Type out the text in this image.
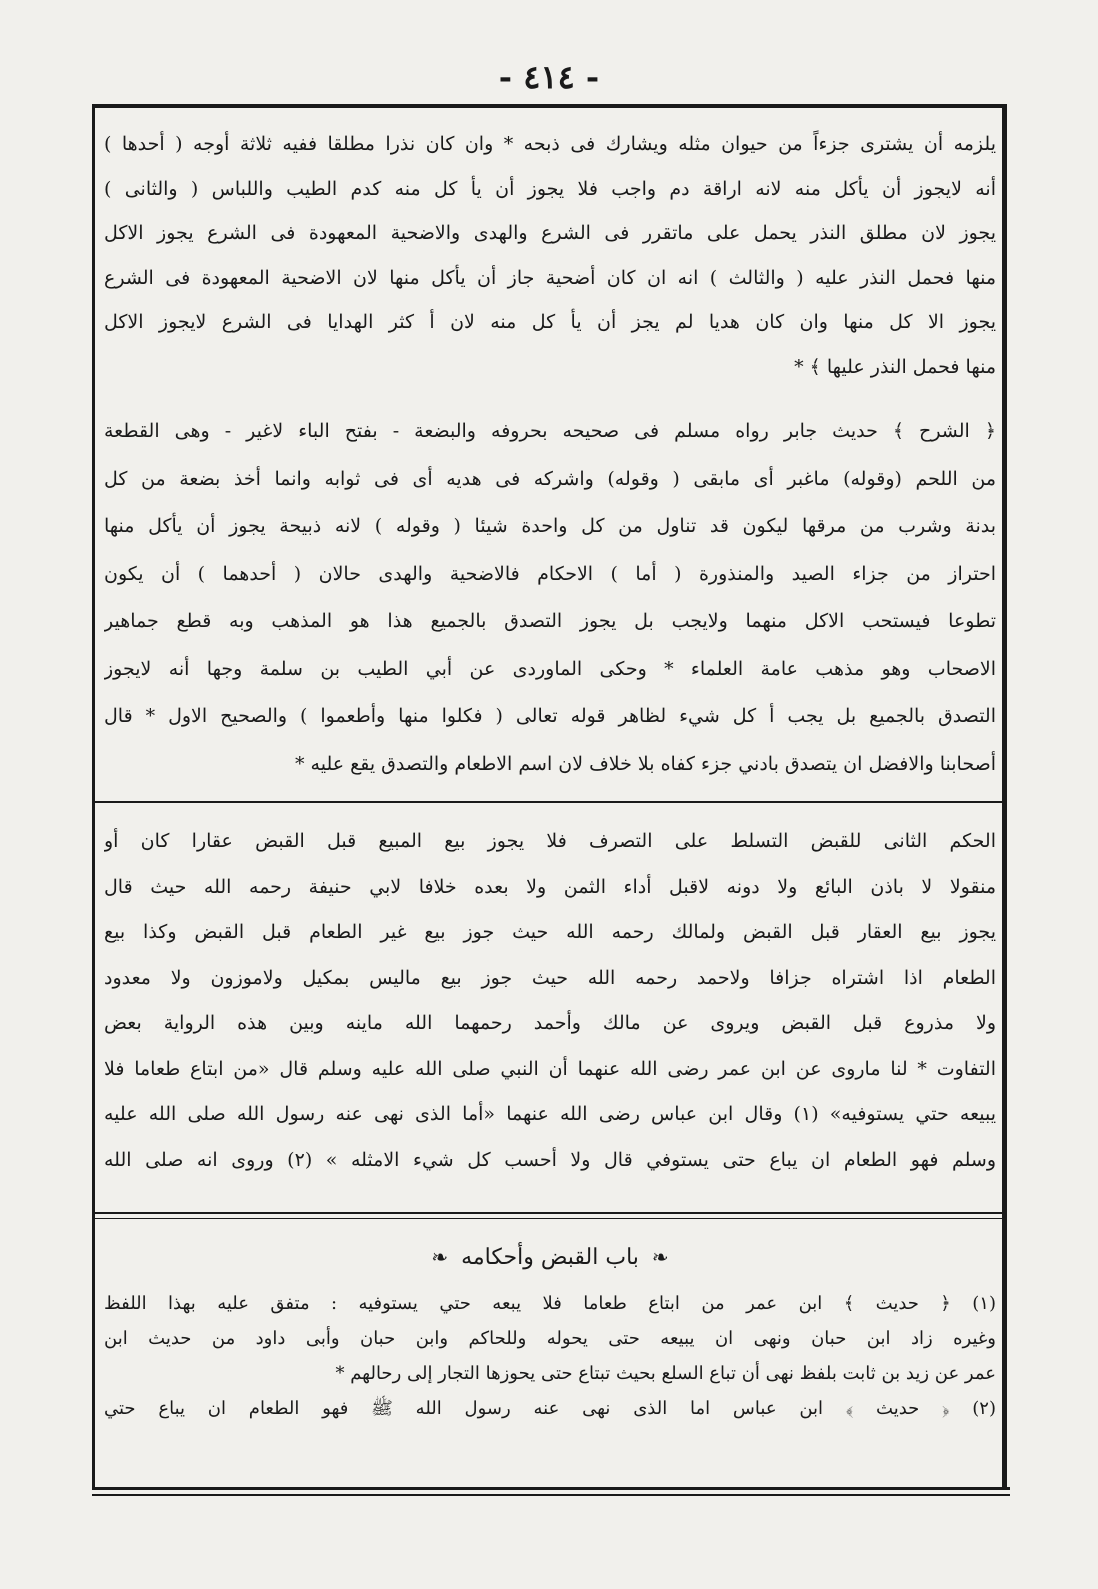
- ٤١٤ -
يلزمه أن يشترى جزءاً من حيوان مثله ويشارك فى ذبحه * وان كان نذرا مطلقا ففيه ثلاثة أوجه ( أحدها )
أنه لايجوز أن يأكل منه لانه اراقة دم واجب فلا يجوز أن يأ كل منه كدم الطيب واللباس ( والثانى )
يجوز لان مطلق النذر يحمل على ماتقرر فى الشرع والهدى والاضحية المعهودة فى الشرع يجوز الاكل
منها فحمل النذر عليه ( والثالث ) انه ان كان أضحية جاز أن يأكل منها لان الاضحية المعهودة فى الشرع
يجوز الا كل منها وان كان هديا لم يجز أن يأ كل منه لان أ كثر الهدايا فى الشرع لايجوز الاكل
منها فحمل النذر عليها ﴾ *
﴿ الشرح ﴾ حديث جابر رواه مسلم فى صحيحه بحروفه والبضعة - بفتح الباء لاغير - وهى القطعة
من اللحم (وقوله) ماغبر أى مابقى ( وقوله) واشركه فى هديه أى فى ثوابه وانما أخذ بضعة من كل
بدنة وشرب من مرقها ليكون قد تناول من كل واحدة شيئا ( وقوله ) لانه ذبيحة يجوز أن يأكل منها
احتراز من جزاء الصيد والمنذورة ( أما ) الاحكام فالاضحية والهدى حالان ( أحدهما ) أن يكون
تطوعا فيستحب الاكل منهما ولايجب بل يجوز التصدق بالجميع هذا هو المذهب وبه قطع جماهير
الاصحاب وهو مذهب عامة العلماء * وحكى الماوردى عن أبي الطيب بن سلمة وجها أنه لايجوز
التصدق بالجميع بل يجب أ كل شيء لظاهر قوله تعالى ( فكلوا منها وأطعموا ) والصحيح الاول * قال
أصحابنا والافضل ان يتصدق بادني جزء كفاه بلا خلاف لان اسم الاطعام والتصدق يقع عليه *
الحكم الثانى للقبض التسلط على التصرف فلا يجوز بيع المبيع قبل القبض عقارا كان أو
منقولا لا باذن البائع ولا دونه لاقبل أداء الثمن ولا بعده خلافا لابي حنيفة رحمه الله حيث قال
يجوز بيع العقار قبل القبض ولمالك رحمه الله حيث جوز بيع غير الطعام قبل القبض وكذا بيع
الطعام اذا اشتراه جزافا ولاحمد رحمه الله حيث جوز بيع ماليس بمكيل ولاموزون ولا معدود
ولا مذروع قبل القبض ويروى عن مالك وأحمد رحمهما الله ماينه وبين هذه الرواية بعض
التفاوت * لنا ماروى عن ابن عمر رضى الله عنهما أن النبي صلى الله عليه وسلم قال «من ابتاع طعاما فلا
يبيعه حتي يستوفيه» (١) وقال ابن عباس رضى الله عنهما «أما الذى نهى عنه رسول الله صلى الله عليه
وسلم فهو الطعام ان يباع حتى يستوفي قال ولا أحسب كل شيء الامثله » (٢) وروى انه صلى الله
❧ باب القبض وأحكامه ❧
(١) ﴿ حديث ﴾ ابن عمر من ابتاع طعاما فلا يبعه حتي يستوفيه : متفق عليه بهذا اللفظ
وغيره زاد ابن حبان ونهى ان يبيعه حتى يحوله وللحاكم وابن حبان وأبى داود من حديث ابن
عمر عن زيد بن ثابت بلفظ نهى أن تباع السلع بحيث تبتاع حتى يحوزها التجار إلى رحالهم *
(٢) ﴿ حديث ﴾ ابن عباس اما الذى نهى عنه رسول الله ﷺ فهو الطعام ان يباع حتي
